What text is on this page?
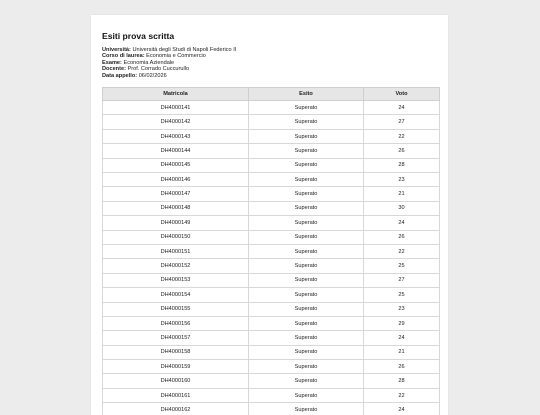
Esiti prova scritta
Università: Università degli Studi di Napoli Federico II
Corso di laurea: Economia e Commercio
Esame: Economia Aziendale
Docente: Prof. Corrado Cuccurullo
Data appello: 06/02/2026
Matricola	Esito	Voto
DH4000141	Superato	24
DH4000142	Superato	27
DH4000143	Superato	22
DH4000144	Superato	26
DH4000145	Superato	28
DH4000146	Superato	23
DH4000147	Superato	21
DH4000148	Superato	30
DH4000149	Superato	24
DH4000150	Superato	26
DH4000151	Superato	22
DH4000152	Superato	25
DH4000153	Superato	27
DH4000154	Superato	25
DH4000155	Superato	23
DH4000156	Superato	29
DH4000157	Superato	24
DH4000158	Superato	21
DH4000159	Superato	26
DH4000160	Superato	28
DH4000161	Superato	22
DH4000162	Superato	24
